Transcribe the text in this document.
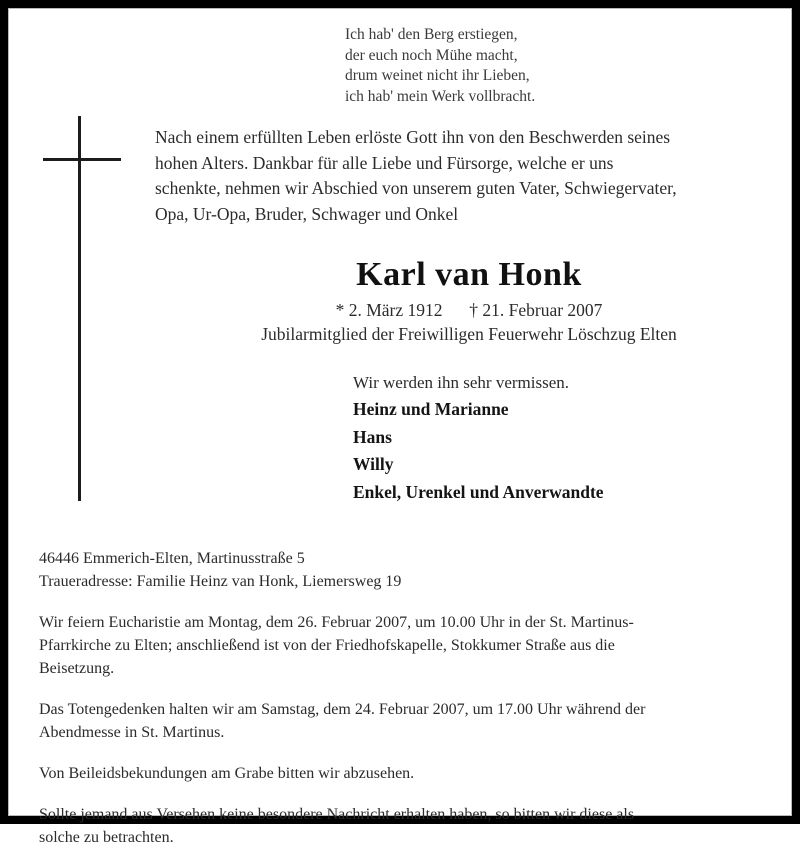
Ich hab' den Berg erstiegen,
der euch noch Mühe macht,
drum weinet nicht ihr Lieben,
ich hab' mein Werk vollbracht.
Nach einem erfüllten Leben erlöste Gott ihn von den Beschwerden seines
hohen Alters. Dankbar für alle Liebe und Fürsorge, welche er uns
schenkte, nehmen wir Abschied von unserem guten Vater, Schwiegervater,
Opa, Ur-Opa, Bruder, Schwager und Onkel
Karl van Honk
* 2. März 1912 † 21. Februar 2007
Jubilarmitglied der Freiwilligen Feuerwehr Löschzug Elten
Wir werden ihn sehr vermissen.
Heinz und Marianne
Hans
Willy
Enkel, Urenkel und Anverwandte
46446 Emmerich-Elten, Martinusstraße 5
Traueradresse: Familie Heinz van Honk, Liemersweg 19
Wir feiern Eucharistie am Montag, dem 26. Februar 2007, um 10.00 Uhr in der St. Martinus-
Pfarrkirche zu Elten; anschließend ist von der Friedhofskapelle, Stokkumer Straße aus die
Beisetzung.
Das Totengedenken halten wir am Samstag, dem 24. Februar 2007, um 17.00 Uhr während der
Abendmesse in St. Martinus.
Von Beileidsbekundungen am Grabe bitten wir abzusehen.
Sollte jemand aus Versehen keine besondere Nachricht erhalten haben, so bitten wir diese als
solche zu betrachten.
